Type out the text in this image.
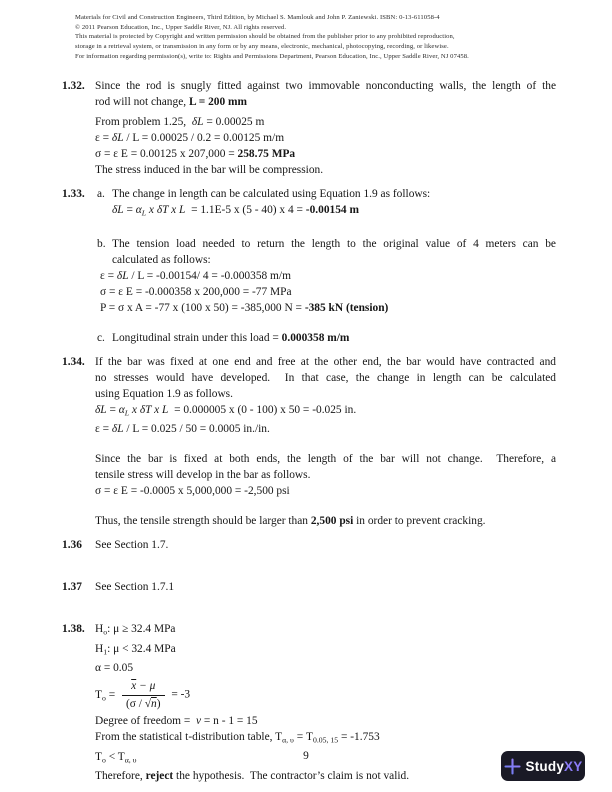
Materials for Civil and Construction Engineers, Third Edition, by Michael S. Mamlouk and John P. Zaniewski. ISBN: 0-13-611058-4
© 2011 Pearson Education, Inc., Upper Saddle River, NJ. All rights reserved.
This material is protected by Copyright and written permission should be obtained from the publisher prior to any prohibited reproduction,
storage in a retrieval system, or transmission in any form or by any means, electronic, mechanical, photocopying, recording, or likewise.
For information regarding permission(s), write to: Rights and Permissions Department, Pearson Education, Inc., Upper Saddle River, NJ 07458.
1.32. Since the rod is snugly fitted against two immovable nonconducting walls, the length of the
rod will not change, L = 200 mm
From problem 1.25,  δL = 0.00025 m
ε = δL / L = 0.00025 / 0.2 = 0.00125 m/m
σ = ε E = 0.00125 x 207,000 = 258.75 MPa
The stress induced in the bar will be compression.
1.33. a. The change in length can be calculated using Equation 1.9 as follows:
$\delta L = \alpha_L$ x δT x L  = 1.1E-5 x (5 - 40) x 4 = -0.00154 m
b. The tension load needed to return the length to the original value of 4 meters can be
calculated as follows:
ε = δL / L = -0.00154/ 4 = -0.000358 m/m
σ = ε E = -0.000358 x 200,000 = -77 MPa
P = σ x A = -77 x (100 x 50) = -385,000 N = -385 kN (tension)
c. Longitudinal strain under this load = 0.000358 m/m
1.34. If the bar was fixed at one end and free at the other end, the bar would have contracted and
no stresses would have developed.  In that case, the change in length can be calculated
using Equation 1.9 as follows.
$\delta L = \alpha_L$ x δT x L  = 0.000005 x (0 - 100) x 50 = -0.025 in.
ε = δL / L = 0.025 / 50 = 0.0005 in./in.
Since the bar is fixed at both ends, the length of the bar will not change.  Therefore, a
tensile stress will develop in the bar as follows.
σ = ε E = -0.0005 x 5,000,000 = -2,500 psi
Thus, the tensile strength should be larger than 2,500 psi in order to prevent cracking.
1.36 See Section 1.7.
1.37 See Section 1.7.1
1.38. $H_o$: μ ≥ 32.4 MPa
$H_1$: μ < 32.4 MPa
α = 0.05
$T_o = \frac{\overline{x} - \mu}{(\sigma / √n)} = -3$
Degree of freedom =  ν = n - 1 = 15
From the statistical t-distribution table, $T_{\alpha, \upsilon} = T_{0.05, 15} = -1.753$
$T_o < T_{\alpha, \upsilon}$
Therefore, reject the hypothesis.  The contractor’s claim is not valid.
9
StudyXY
